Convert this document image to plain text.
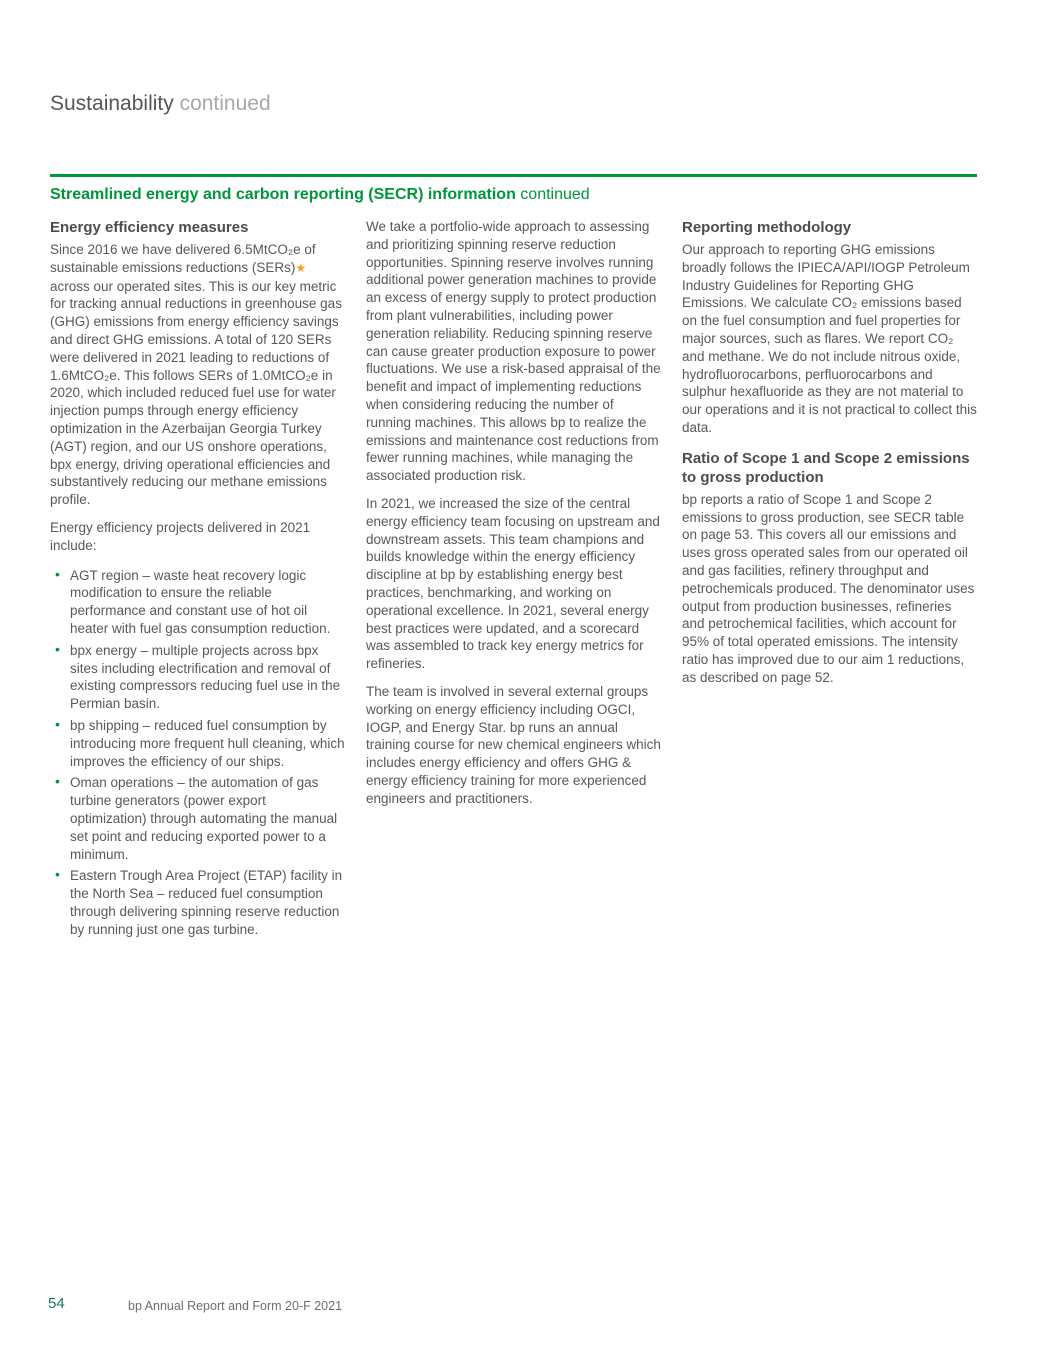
Sustainability continued
Streamlined energy and carbon reporting (SECR) information continued
Energy efficiency measures

Since 2016 we have delivered 6.5MtCO₂e of sustainable emissions reductions (SERs)★ across our operated sites. This is our key metric for tracking annual reductions in greenhouse gas (GHG) emissions from energy efficiency savings and direct GHG emissions. A total of 120 SERs were delivered in 2021 leading to reductions of 1.6MtCO₂e. This follows SERs of 1.0MtCO₂e in 2020, which included reduced fuel use for water injection pumps through energy efficiency optimization in the Azerbaijan Georgia Turkey (AGT) region, and our US onshore operations, bpx energy, driving operational efficiencies and substantively reducing our methane emissions profile.

Energy efficiency projects delivered in 2021 include:

• AGT region – waste heat recovery logic modification to ensure the reliable performance and constant use of hot oil heater with fuel gas consumption reduction.
• bpx energy – multiple projects across bpx sites including electrification and removal of existing compressors reducing fuel use in the Permian basin.
• bp shipping – reduced fuel consumption by introducing more frequent hull cleaning, which improves the efficiency of our ships.
• Oman operations – the automation of gas turbine generators (power export optimization) through automating the manual set point and reducing exported power to a minimum.
• Eastern Trough Area Project (ETAP) facility in the North Sea – reduced fuel consumption through delivering spinning reserve reduction by running just one gas turbine.

We take a portfolio-wide approach to assessing and prioritizing spinning reserve reduction opportunities. Spinning reserve involves running additional power generation machines to provide an excess of energy supply to protect production from plant vulnerabilities, including power generation reliability. Reducing spinning reserve can cause greater production exposure to power fluctuations. We use a risk-based appraisal of the benefit and impact of implementing reductions when considering reducing the number of running machines. This allows bp to realize the emissions and maintenance cost reductions from fewer running machines, while managing the associated production risk.

In 2021, we increased the size of the central energy efficiency team focusing on upstream and downstream assets. This team champions and builds knowledge within the energy efficiency discipline at bp by establishing energy best practices, benchmarking, and working on operational excellence. In 2021, several energy best practices were updated, and a scorecard was assembled to track key energy metrics for refineries.

The team is involved in several external groups working on energy efficiency including OGCI, IOGP, and Energy Star. bp runs an annual training course for new chemical engineers which includes energy efficiency and offers GHG & energy efficiency training for more experienced engineers and practitioners.

Reporting methodology

Our approach to reporting GHG emissions broadly follows the IPIECA/API/IOGP Petroleum Industry Guidelines for Reporting GHG Emissions. We calculate CO₂ emissions based on the fuel consumption and fuel properties for major sources, such as flares. We report CO₂ and methane. We do not include nitrous oxide, hydrofluorocarbons, perfluorocarbons and sulphur hexafluoride as they are not material to our operations and it is not practical to collect this data.

Ratio of Scope 1 and Scope 2 emissions to gross production

bp reports a ratio of Scope 1 and Scope 2 emissions to gross production, see SECR table on page 53. This covers all our emissions and uses gross operated sales from our operated oil and gas facilities, refinery throughput and petrochemicals produced. The denominator uses output from production businesses, refineries and petrochemical facilities, which account for 95% of total operated emissions. The intensity ratio has improved due to our aim 1 reductions, as described on page 52.

54	bp Annual Report and Form 20-F 2021
